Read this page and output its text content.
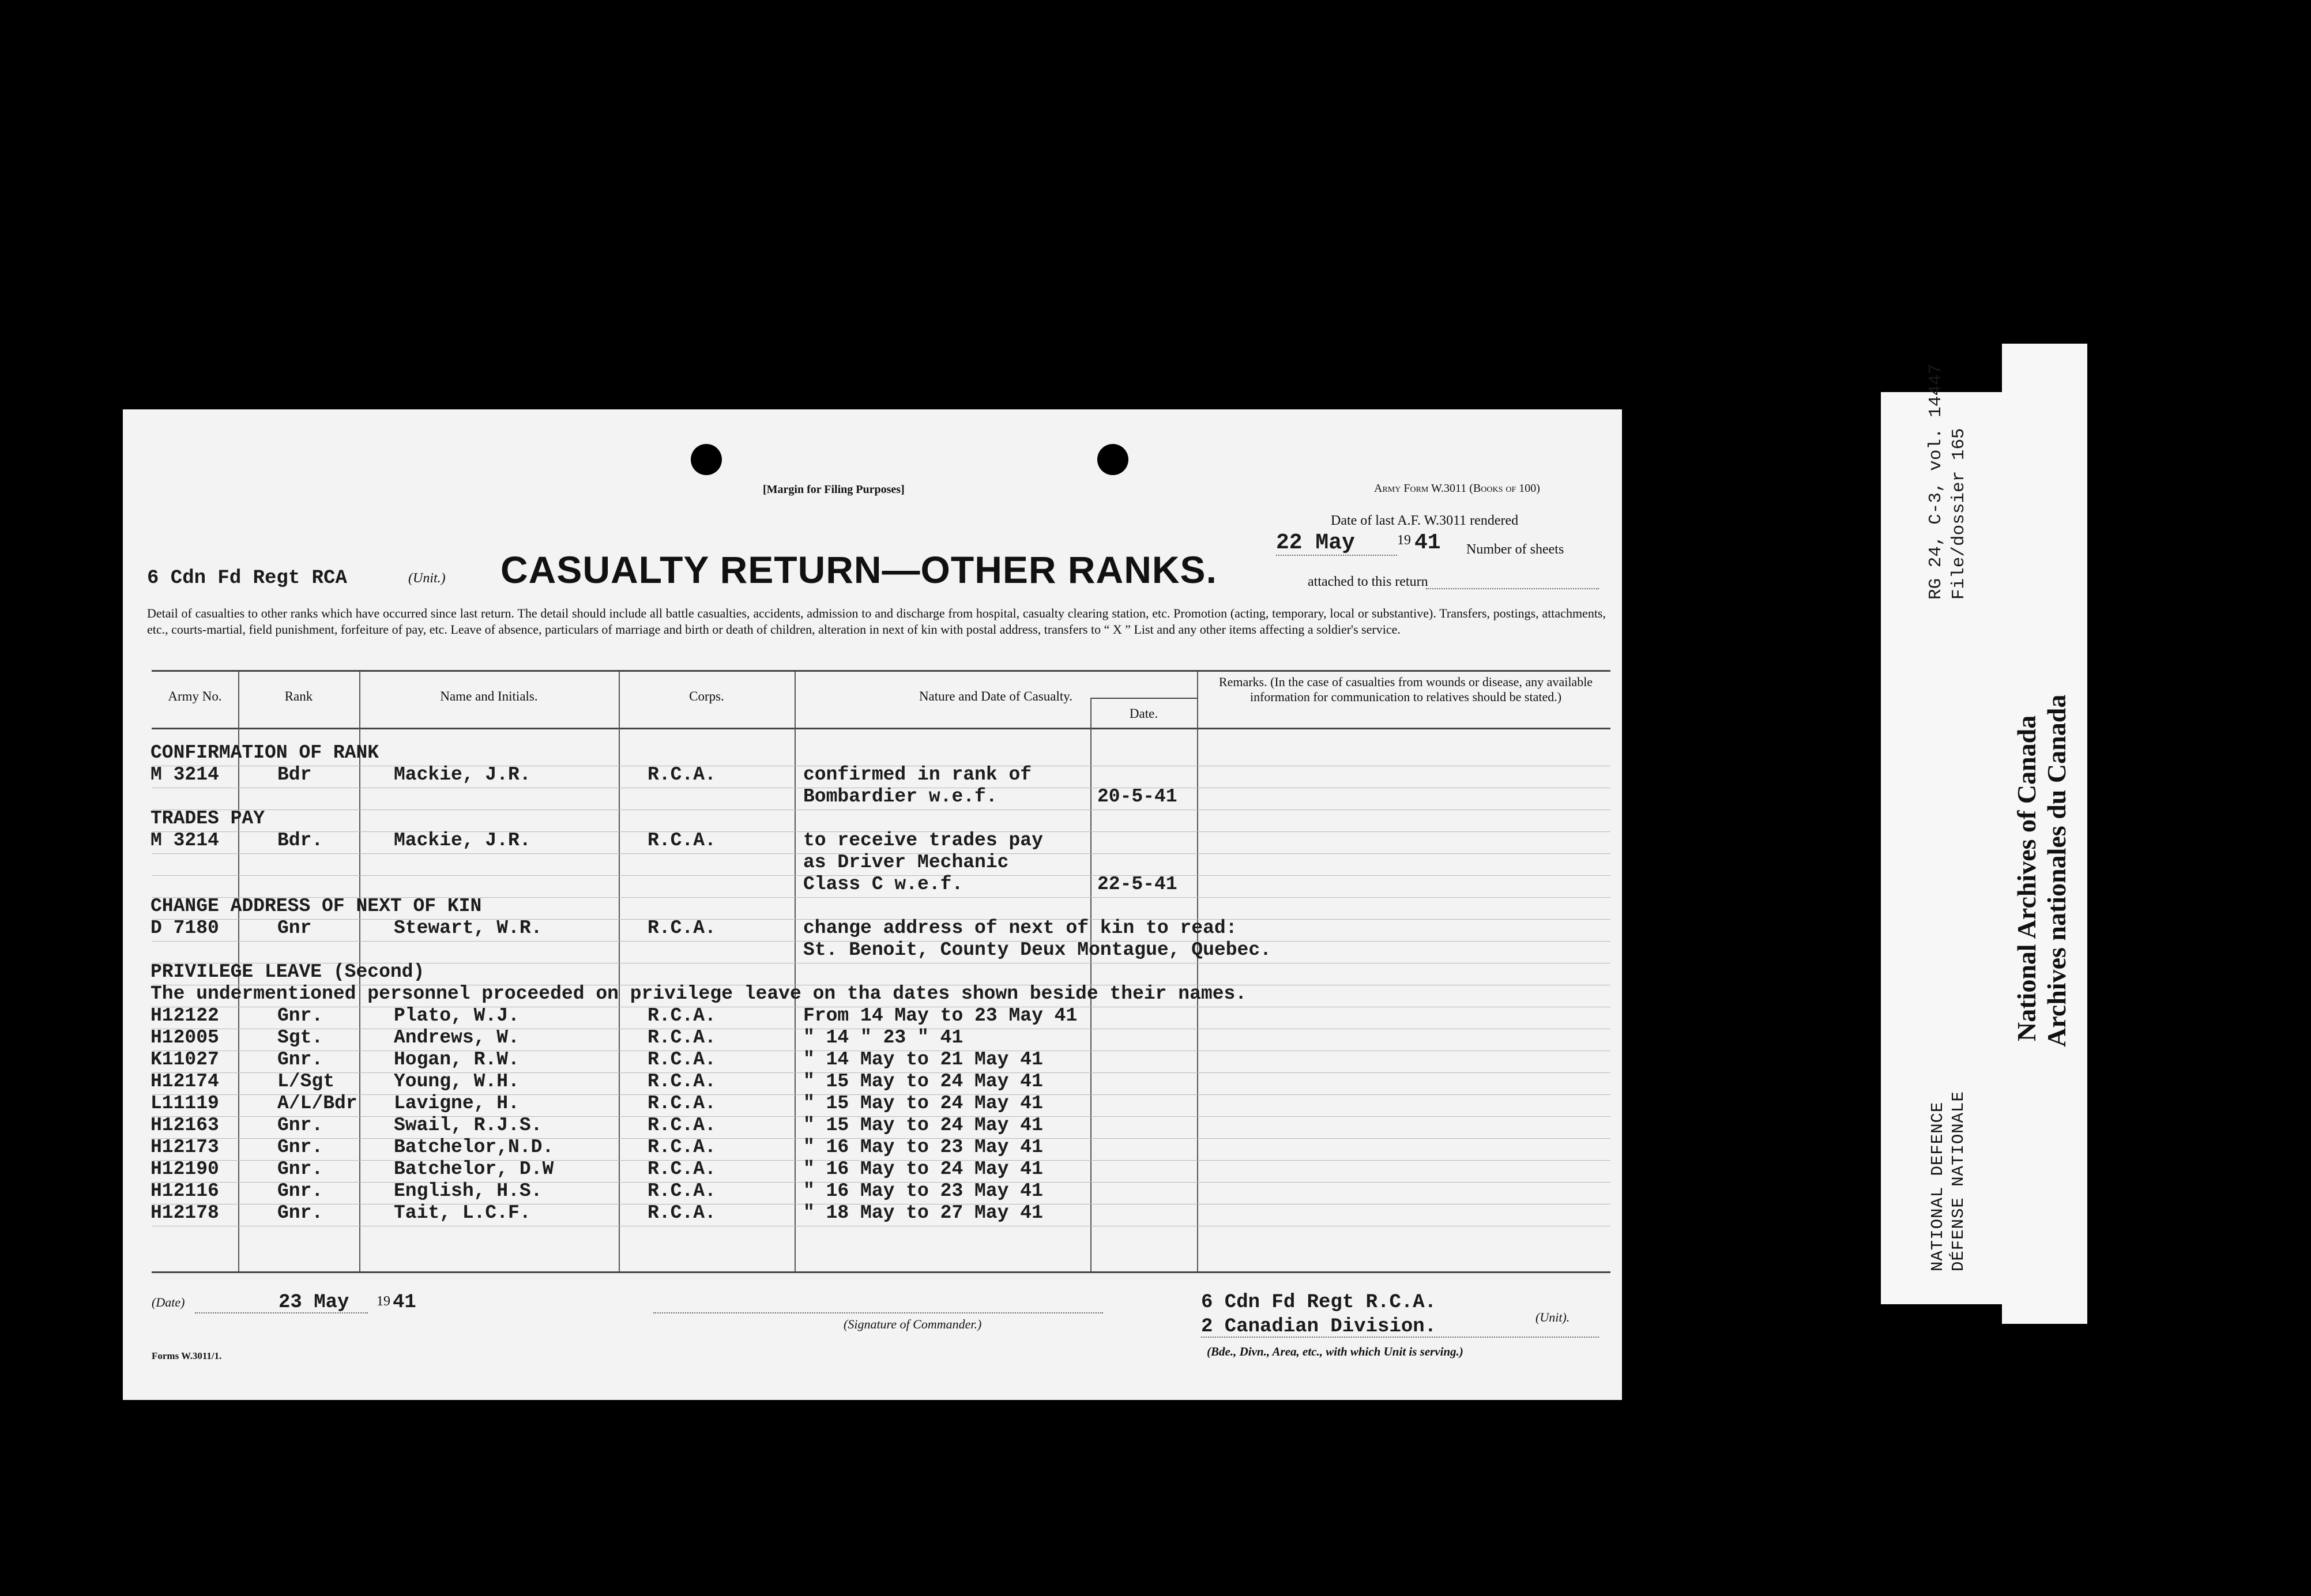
[Margin for Filing Purposes]	Army Form W.3011 (Books of 100)
Date of last A.F. W.3011 rendered
22 May	19 41 Number of sheets
attached to this return
6 Cdn Fd Regt RCA	(Unit.) CASUALTY RETURN—OTHER RANKS.
Detail of casualties to other ranks which have occurred since last return. The detail should include all battle casualties, accidents, admission to and discharge from hospital, casualty clearing station, etc. Promotion (acting, temporary, local or substantive). Transfers, postings, attachments, etc., courts-martial, field punishment, forfeiture of pay, etc. Leave of absence, particulars of marriage and birth or death of children, alteration in next of kin with postal address, transfers to “ X ” List and any other items affecting a soldier's service.
Army No.	Rank	Name and Initials.	Corps.	Nature and Date of Casualty.
Date.
Remarks. (In the case of casualties from wounds or disease, any available information for communication to relatives should be stated.)
CONFIRMATION OF RANK
M 3214	Bdr	Mackie, J.R.	R.C.A.	confirmed in rank of
Bombardier w.e.f.	20-5-41
TRADES PAY
M 3214	Bdr.	Mackie, J.R.	R.C.A.	to receive trades pay
as Driver Mechanic
Class C w.e.f.	22-5-41
CHANGE ADDRESS OF NEXT OF KIN
D 7180	Gnr	Stewart, W.R.	R.C.A.	change address of next of kin to read:
St. Benoit, County Deux Montague, Quebec.
PRIVILEGE LEAVE (Second)
The undermentioned personnel proceeded on privilege leave on tha dates shown beside their names.
H12122	Gnr.	Plato, W.J.	R.C.A.	From 14 May to 23 May 41
H12005	Sgt.	Andrews, W.	R.C.A.	" 14 " 23 " 41
K11027	Gnr.	Hogan, R.W.	R.C.A.	" 14 May to 21 May 41
H12174	L/Sgt	Young, W.H.	R.C.A.	" 15 May to 24 May 41
L11119	A/L/Bdr Lavigne, H.	R.C.A.	" 15 May to 24 May 41
H12163	Gnr.	Swail, R.J.S.	R.C.A.	" 15 May to 24 May 41
H12173	Gnr.	Batchelor,N.D.	R.C.A.	" 16 May to 23 May 41
H12190	Gnr.	Batchelor, D.W	R.C.A.	" 16 May to 24 May 41
H12116	Gnr.	English, H.S.	R.C.A.	" 16 May to 23 May 41
H12178	Gnr.	Tait, L.C.F.	R.C.A.	" 18 May to 27 May 41
(Date)	23 May 19 41
(Signature of Commander.)
6 Cdn Fd Regt R.C.A.
2 Canadian Division.	(Unit).
(Bde., Divn., Area, etc., with which Unit is serving.)
Forms W.3011/1.
RG 24, C-3, vol. 14447 File/dossier 165
NATIONAL DEFENCE DÉFENSE NATIONALE
National Archives of Canada Archives nationales du Canada
